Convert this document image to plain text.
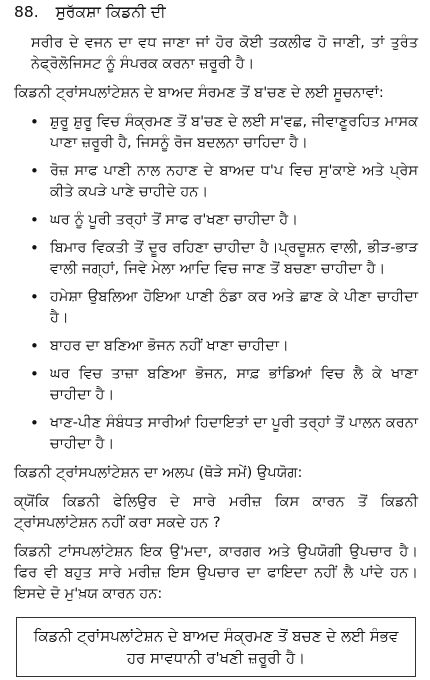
88. ਸੁਰੱਕਸ਼ਾ ਕਿਡਨੀ ਦੀ

ਸਰੀਰ ਦੇ ਵਜਨ ਦਾ ਵਧ ਜਾਣਾ ਜਾਂ ਹੋਰ ਕੋਈ ਤਕਲੀਫ ਹੋ ਜਾਣੀ, ਤਾਂ ਤੁਰੰਤ ਨੇਫ੍ਰੋਲੋਜਿਸਟ ਨੂੰ ਸੰਪਰਕ ਕਰਨਾ ਜ਼ਰੂਰੀ ਹੈ।

ਕਿਡਨੀ ਟ੍ਰਾਂਸਪਲਾਂਟੇਸ਼ਨ ਦੇ ਬਾਅਦ ਸੰਰਮਣ ਤੋਂ ਬ'ਚਣ ਦੇ ਲਈ ਸੂਚਨਾਵਾਂ:

• ਸ਼ੁਰੂ ਸ਼ੁਰੂ ਵਿਚ ਸੰਕ੍ਰਮਣ ਤੋਂ ਬ'ਚਣ ਦੇ ਲਈ ਸ'ਵਛ, ਜੀਵਾਣੂਰਹਿਤ ਮਾਸਕ ਪਾਣਾ ਜ਼ਰੂਰੀ ਹੈ, ਜਿਸਨੂੰ ਰੋਜ ਬਦਲਨਾ ਚਾਹਿਦਾ ਹੈ।
• ਰੋਜ਼ ਸਾਫ ਪਾਣੀ ਨਾਲ ਨਹਾਣ ਦੇ ਬਾਅਦ ਧ'ਪ ਵਿਚ ਸੁ'ਕਾਏ ਅਤੇ ਪ੍ਰੇਸ ਕੀਤੇ ਕਪੜੇ ਪਾਣੇ ਚਾਹੀਦੇ ਹਨ।
• ਘਰ ਨੂੰ ਪੂਰੀ ਤਰ੍ਹਾਂ ਤੋਂ ਸਾਫ ਰ'ਖਣਾ ਚਾਹੀਦਾ ਹੈ।
• ਬਿਮਾਰ ਵਿਕਤੀ ਤੋਂ ਦੂਰ ਰਹਿਣਾ ਚਾਹੀਦਾ ਹੈ।ਪ੍ਰਦੂਸ਼ਨ ਵਾਲੀ, ਭੀੜ-ਭਾੜ ਵਾਲੀ ਜਗ੍ਹਾਂ, ਜਿਵੇ ਮੇਲਾ ਆਦਿ ਵਿਚ ਜਾਣ ਤੋਂ ਬਚਣਾ ਚਾਹੀਦਾ ਹੈ।
• ਹਮੇਸ਼ਾ ਉਬਲਿਆ ਹੋਇਆ ਪਾਣੀ ਠੰਡਾ ਕਰ ਅਤੇ ਛਾਣ ਕੇ ਪੀਣਾ ਚਾਹੀਦਾ ਹੈ।
• ਬਾਹਰ ਦਾ ਬਣਿਆ ਭੋਜਨ ਨਹੀਂ ਖਾਣਾ ਚਾਹੀਦਾ।
• ਘਰ ਵਿਚ ਤਾਜ਼ਾ ਬਣਿਆ ਭੋਜਨ, ਸਾਫ਼ ਭਾਂਡਿਆਂ ਵਿਚ ਲੈ ਕੇ ਖਾਣਾ ਚਾਹੀਦਾ ਹੈ।
• ਖਾਣ-ਪੀਣ ਸੰਬੰਧਤ ਸਾਰੀਆਂ ਹਿਦਾਇਤਾਂ ਦਾ ਪੂਰੀ ਤਰ੍ਹਾਂ ਤੋਂ ਪਾਲਨ ਕਰਨਾ ਚਾਹੀਦਾ ਹੈ।

ਕਿਡਨੀ ਟ੍ਰਾਂਸਪਲਾਂਟੇਸ਼ਨ ਦਾ ਅਲਪ (ਥੋੜੇ ਸਮੇਂ) ਉਪਯੋਗ:

ਕ੍ਯੋਂਕਿ ਕਿਡਨੀ ਫੇਲਿਉਰ ਦੇ ਸਾਰੇ ਮਰੀਜ਼ ਕਿਸ ਕਾਰਨ ਤੋਂ ਕਿਡਨੀ ਟ੍ਰਾਂਸਪਲਾਂਟੇਸ਼ਨ ਨਹੀਂ ਕਰਾ ਸਕਦੇ ਹਨ ?

ਕਿਡਨੀ ਟਾਂਸਪਲਾਂਟੇਸ਼ਨ ਇਕ ਉ'ਮਦਾ, ਕਾਰਗਰ ਅਤੇ ਉਪਯੋਗੀ ਉਪਚਾਰ ਹੈ। ਫਿਰ ਵੀ ਬਹੁਤ ਸਾਰੇ ਮਰੀਜ਼ ਇਸ ਉਪਚਾਰ ਦਾ ਫਾਇਦਾ ਨਹੀਂ ਲੈ ਪਾਂਦੇ ਹਨ। ਇਸਦੇ ਦੋ ਮੁ'ਖ਼ਯ ਕਾਰਨ ਹਨ:

ਕਿਡਨੀ ਟ੍ਰਾਂਸਪਲਾਂਟੇਸ਼ਨ ਦੇ ਬਾਅਦ ਸੰਕ੍ਰਮਣ ਤੋਂ ਬਚਣ ਦੇ ਲਈ ਸੰਭਵ ਹਰ ਸਾਵਧਾਨੀ ਰ'ਖਣੀ ਜ਼ਰੂਰੀ ਹੈ।
